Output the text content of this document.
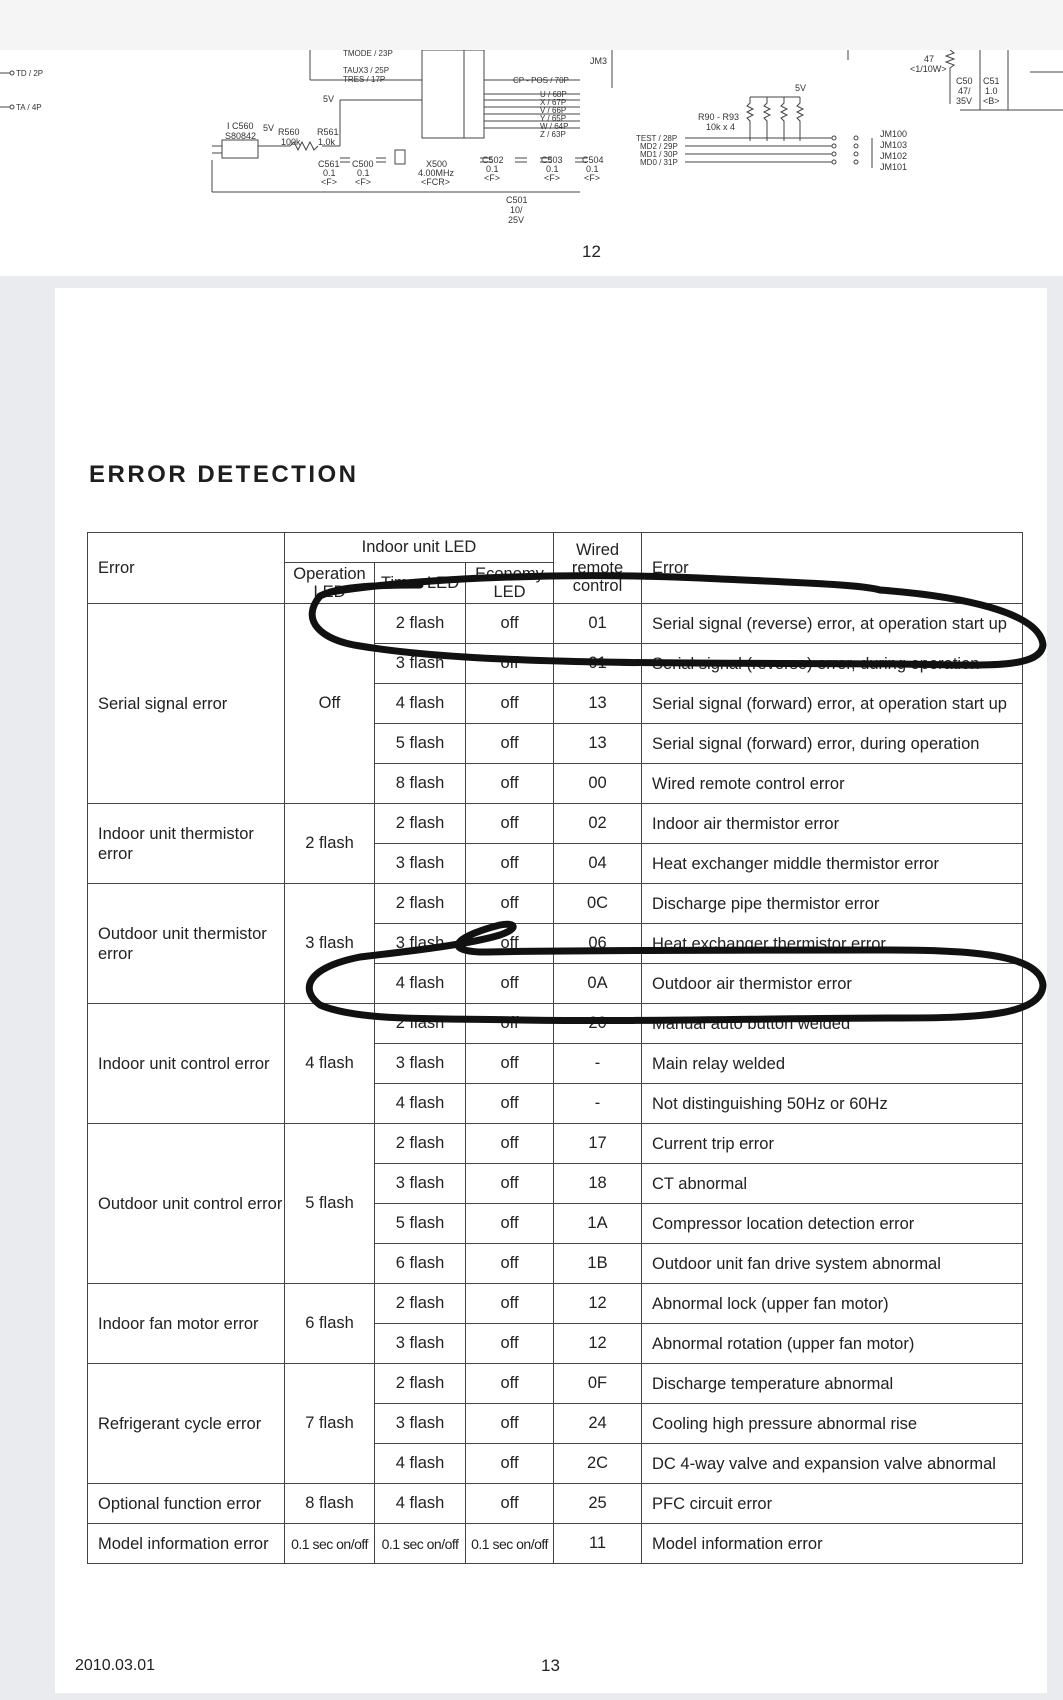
TD / 2P
TA / 4P
I C560
S80842
5V R560
100k
R561
1.0k
5V
C561
0.1
<F>
C500
0.1
<F>
X500
4.00MHz
<FCR>
C502
0.1
<F>
C503
0.1
<F>
C504
0.1
<F>
C501
10/
25V
TMODE / 23P
TAUX3 / 25P
TRES / 17P	CP - POS / 70P
U / 68P
X / 67P
V / 66P
Y / 65P
W / 64P
Z / 63P
JM3
5V
R90 - R93
10k x 4
TEST / 28P
MD2 / 29P
MD1 / 30P
MD0 / 31P
JM100
JM103
JM102
JM101
47
<1/10W>
C50
47/
35V
C51
1.0
<B>
12
ERROR DETECTION
Error	Indoor unit LED			Wired remote control	Error
	Operation LED	Timer LED	Economy LED		
Serial signal error	Off	2 flash	off	01	Serial signal (reverse) error, at operation start up
		3 flash	off	01	Serial signal (reverse) error, during operation
		4 flash	off	13	Serial signal (forward) error, at operation start up
		5 flash	off	13	Serial signal (forward) error, during operation
		8 flash	off	00	Wired remote control error
Indoor unit thermistor error	2 flash	2 flash	off	02	Indoor air thermistor error
		3 flash	off	04	Heat exchanger middle thermistor error
Outdoor unit thermistor error	3 flash	2 flash	off	0C	Discharge pipe thermistor error
		3 flash	off	06	Heat exchanger thermistor error
		4 flash	off	0A	Outdoor air thermistor error
Indoor unit control error	4 flash	2 flash	off	20	Manual auto button welded
		3 flash	off	-	Main relay welded
		4 flash	off	-	Not distinguishing 50Hz or 60Hz
Outdoor unit control error	5 flash	2 flash	off	17	Current trip error
		3 flash	off	18	CT abnormal
		5 flash	off	1A	Compressor location detection error
		6 flash	off	1B	Outdoor unit fan drive system abnormal
Indoor fan motor error	6 flash	2 flash	off	12	Abnormal lock (upper fan motor)
		3 flash	off	12	Abnormal rotation (upper fan motor)
Refrigerant cycle error	7 flash	2 flash	off	0F	Discharge temperature abnormal
		3 flash	off	24	Cooling high pressure abnormal rise
		4 flash	off	2C	DC 4-way valve and expansion valve abnormal
Optional function error	8 flash	4 flash	off	25	PFC circuit error
Model information error	0.1 sec on/off	0.1 sec on/off	0.1 sec on/off	11	Model information error
13
2010.03.01
